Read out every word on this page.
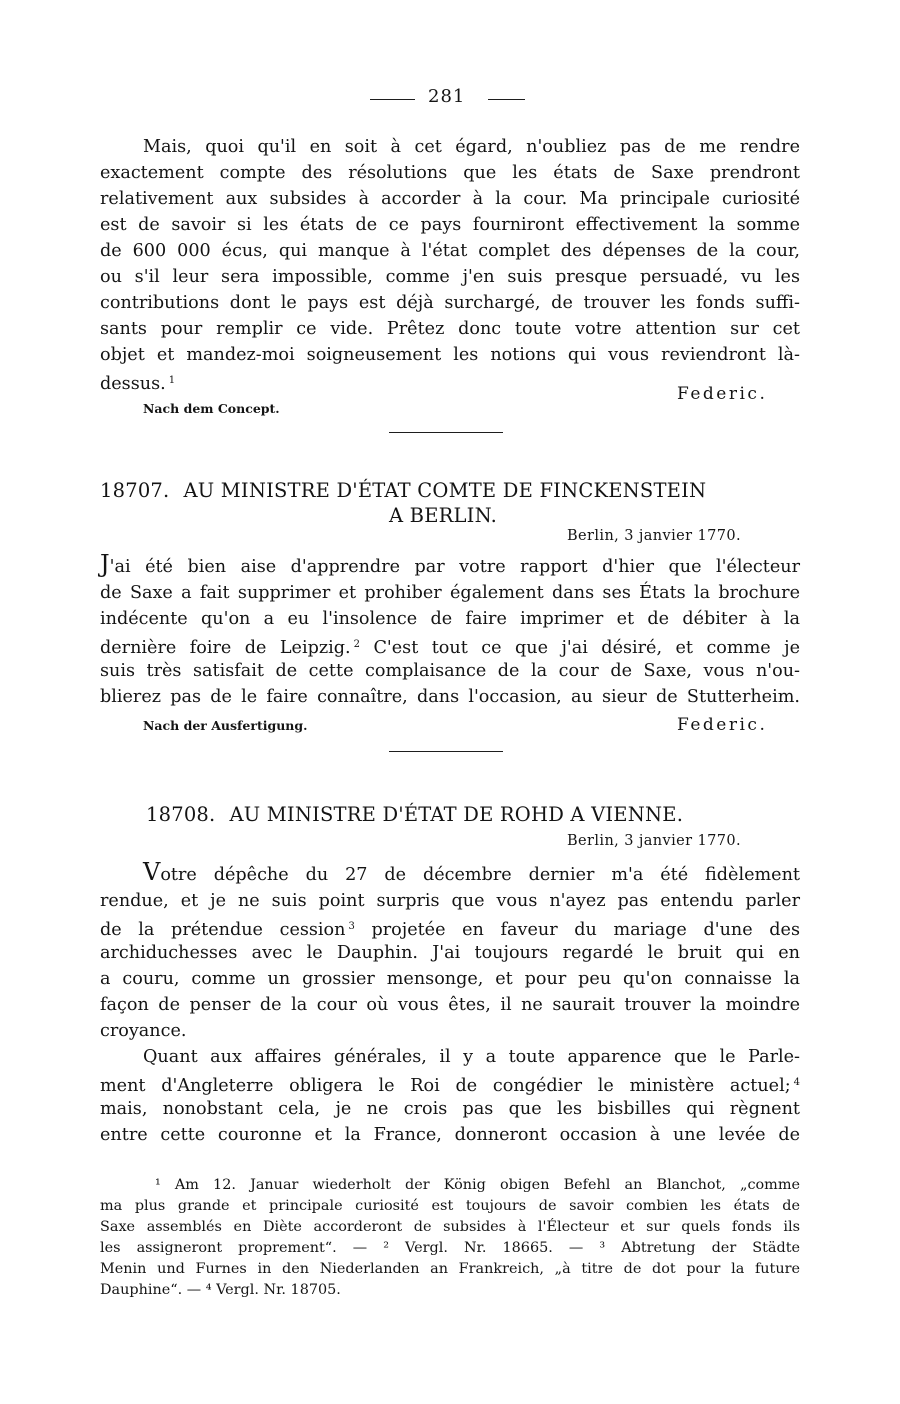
281
Mais, quoi qu'il en soit à cet égard, n'oubliez pas de me rendre
exactement compte des résolutions que les états de Saxe prendront
relativement aux subsides à accorder à la cour. Ma principale curiosité
est de savoir si les états de ce pays fourniront effectivement la somme
de 600 000 écus, qui manque à l'état complet des dépenses de la cour,
ou s'il leur sera impossible, comme j'en suis presque persuadé, vu les
contributions dont le pays est déjà surchargé, de trouver les fonds suffi-
sants pour remplir ce vide. Prêtez donc toute votre attention sur cet
objet et mandez-moi soigneusement les notions qui vous reviendront là-
dessus. $^1$
Federic.
Nach dem Concept.
18707. AU MINISTRE D'ÉTAT COMTE DE FINCKENSTEIN
A BERLIN.
Berlin, 3 janvier 1770.
J'ai été bien aise d'apprendre par votre rapport d'hier que l'électeur
de Saxe a fait supprimer et prohiber également dans ses États la brochure
indécente qu'on a eu l'insolence de faire imprimer et de débiter à la
dernière foire de Leipzig. $^2$ C'est tout ce que j'ai désiré, et comme je
suis très satisfait de cette complaisance de la cour de Saxe, vous n'ou-
blierez pas de le faire connaître, dans l'occasion, au sieur de Stutterheim.
Nach der Ausfertigung.	Federic.
18708. AU MINISTRE D'ÉTAT DE ROHD A VIENNE.
Berlin, 3 janvier 1770.
Votre dépêche du 27 de décembre dernier m'a été fidèlement
rendue, et je ne suis point surpris que vous n'ayez pas entendu parler
de la prétendue cession $^3$ projetée en faveur du mariage d'une des
archiduchesses avec le Dauphin. J'ai toujours regardé le bruit qui en
a couru, comme un grossier mensonge, et pour peu qu'on connaisse la
façon de penser de la cour où vous êtes, il ne saurait trouver la moindre
croyance.
Quant aux affaires générales, il y a toute apparence que le Parle-
ment d'Angleterre obligera le Roi de congédier le ministère actuel; $^4$
mais, nonobstant cela, je ne crois pas que les bisbilles qui règnent
entre cette couronne et la France, donneront occasion à une levée de
¹ Am 12. Januar wiederholt der König obigen Befehl an Blanchot, „comme
ma plus grande et principale curiosité est toujours de savoir combien les états de
Saxe assemblés en Diète accorderont de subsides à l'Électeur et sur quels fonds ils
les assigneront proprement“. — ² Vergl. Nr. 18665. — ³ Abtretung der Städte
Menin und Furnes in den Niederlanden an Frankreich, „à titre de dot pour la future
Dauphine“. — ⁴ Vergl. Nr. 18705.
